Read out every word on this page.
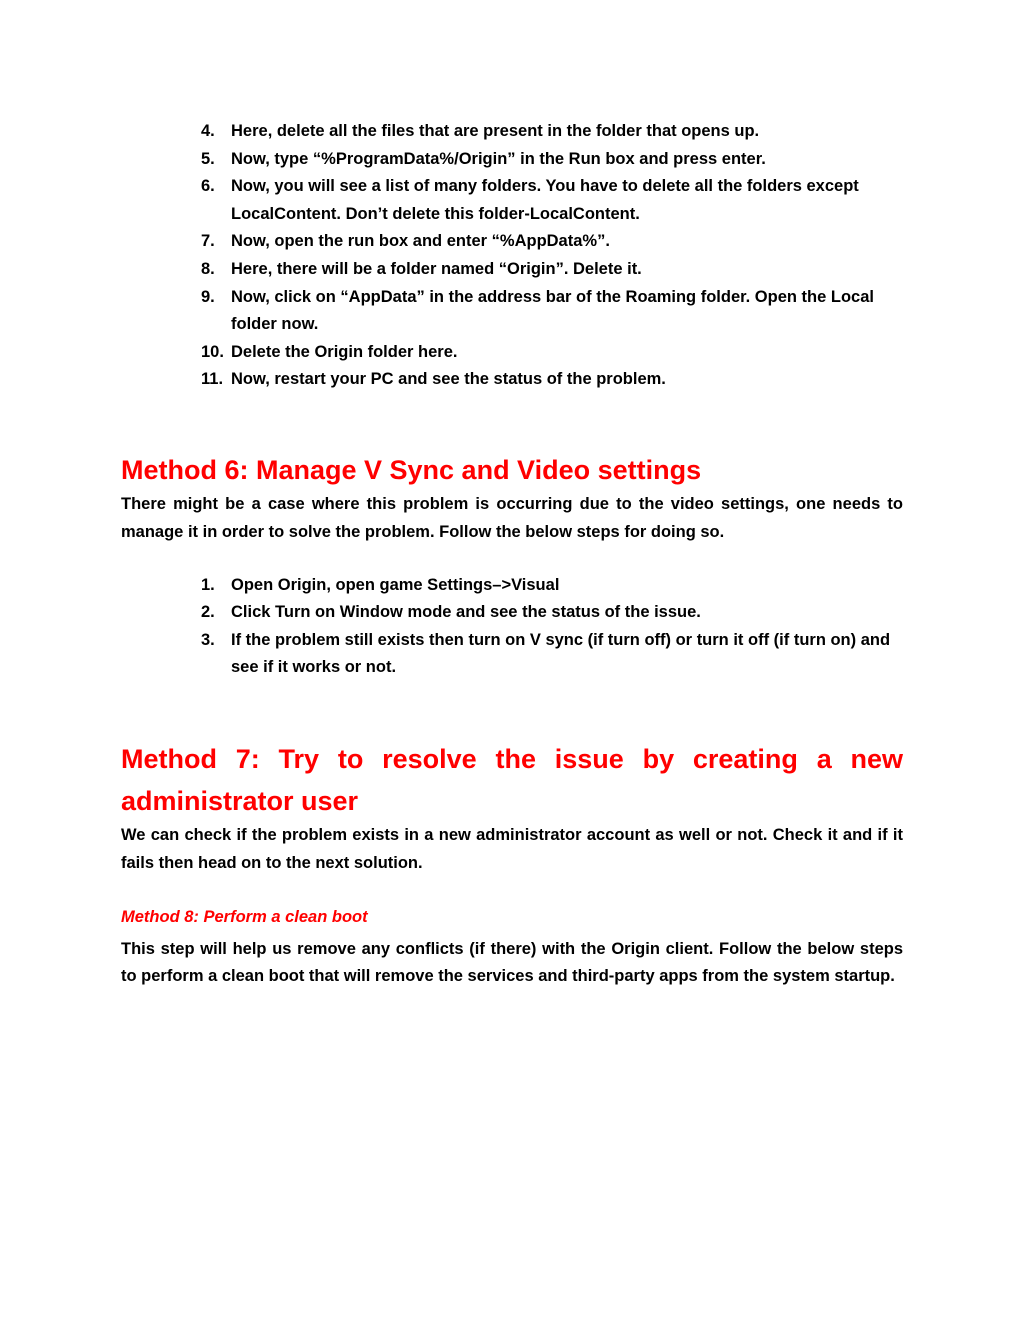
4. Here, delete all the files that are present in the folder that opens up.
5. Now, type “%ProgramData%/Origin” in the Run box and press enter.
6. Now, you will see a list of many folders. You have to delete all the folders except LocalContent. Don’t delete this folder-LocalContent.
7. Now, open the run box and enter “%AppData%”.
8. Here, there will be a folder named “Origin”. Delete it.
9. Now, click on “AppData” in the address bar of the Roaming folder. Open the Local folder now.
10. Delete the Origin folder here.
11. Now, restart your PC and see the status of the problem.
Method 6: Manage V Sync and Video settings

There might be a case where this problem is occurring due to the video settings, one needs to manage it in order to solve the problem. Follow the below steps for doing so.

1. Open Origin, open game Settings–>Visual
2. Click Turn on Window mode and see the status of the issue.
3. If the problem still exists then turn on V sync (if turn off) or turn it off (if turn on) and see if it works or not.
Method 7: Try to resolve the issue by creating a new administrator user

We can check if the problem exists in a new administrator account as well or not. Check it and if it fails then head on to the next solution.

Method 8: Perform a clean boot

This step will help us remove any conflicts (if there) with the Origin client. Follow the below steps to perform a clean boot that will remove the services and third-party apps from the system startup.
